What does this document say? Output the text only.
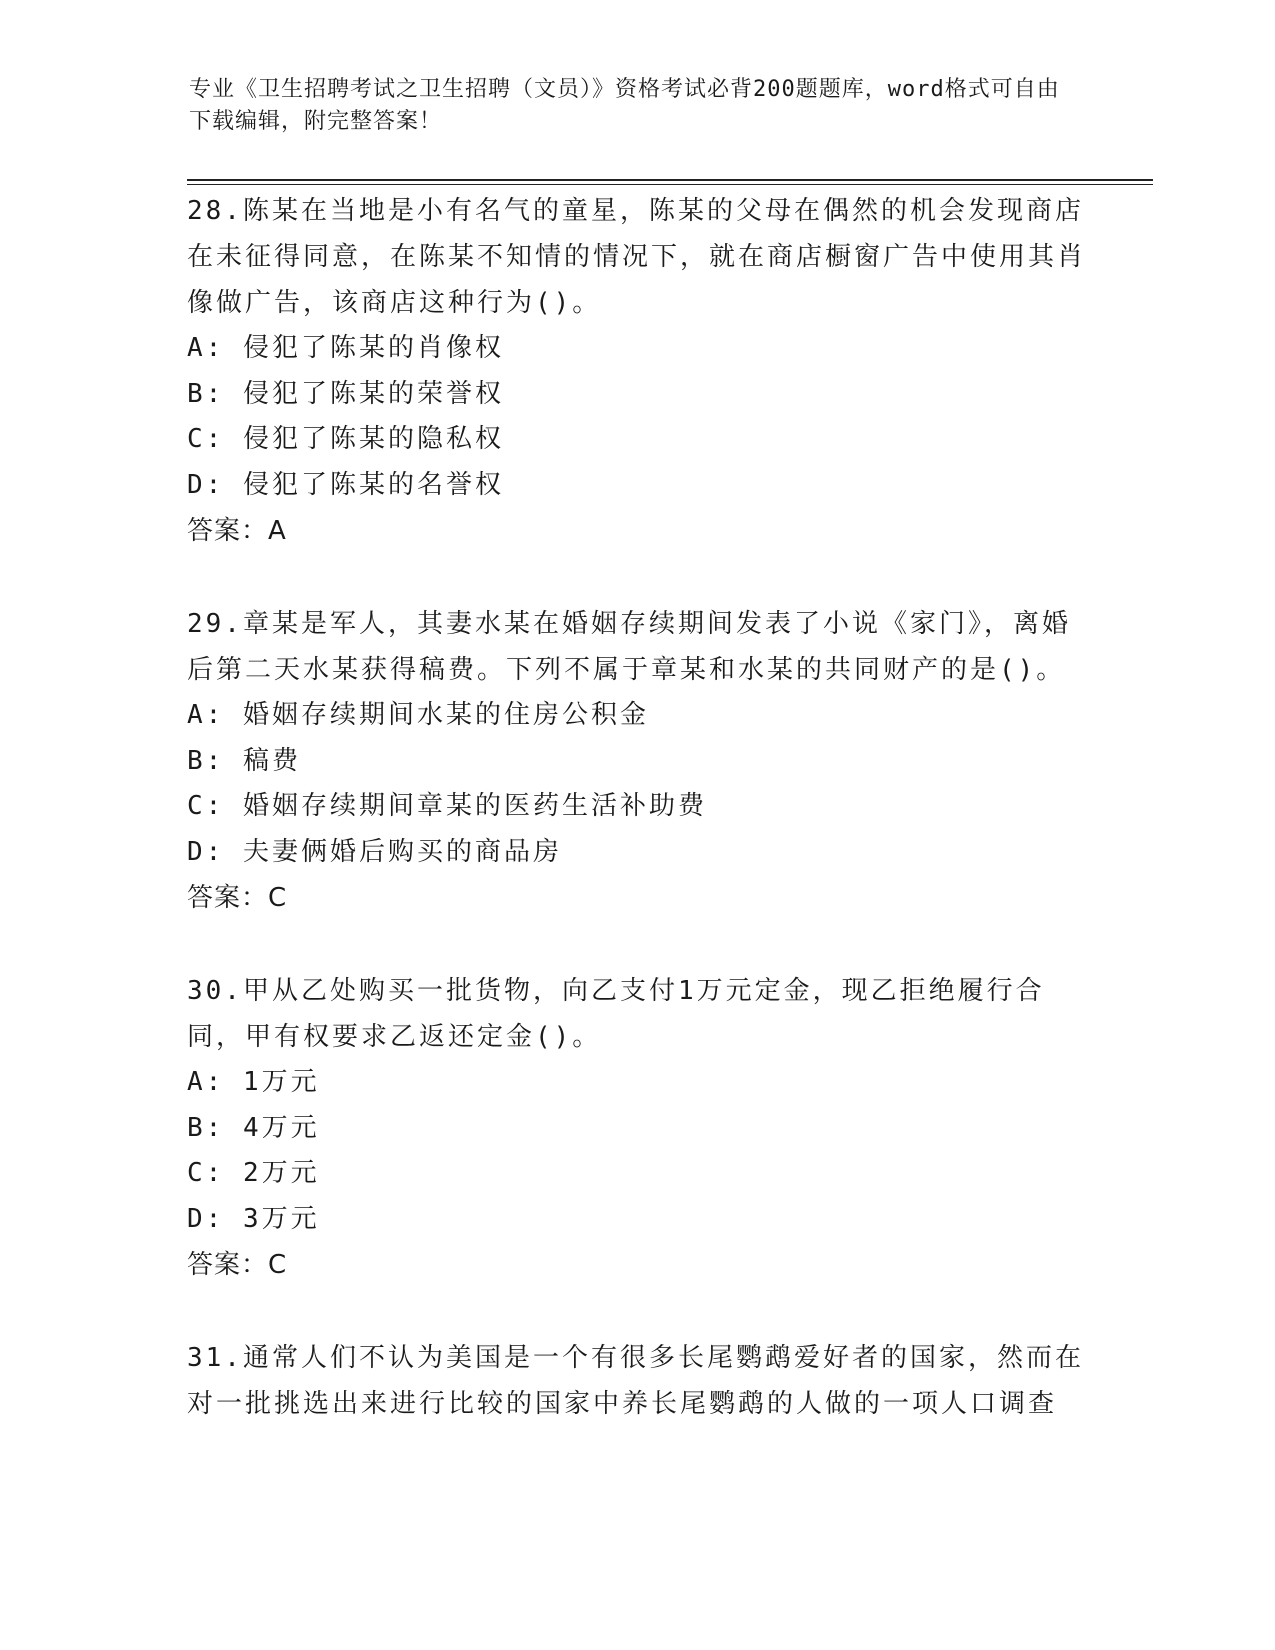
专业《卫生招聘考试之卫生招聘（文员）》资格考试必背200题题库，word格式可自由下载编辑，附完整答案！
28.陈某在当地是小有名气的童星，陈某的父母在偶然的机会发现商店在未征得同意，在陈某不知情的情况下，就在商店橱窗广告中使用其肖像做广告，该商店这种行为()。
A: 侵犯了陈某的肖像权
B: 侵犯了陈某的荣誉权
C: 侵犯了陈某的隐私权
D: 侵犯了陈某的名誉权
答案：A
29.章某是军人，其妻水某在婚姻存续期间发表了小说《家门》，离婚后第二天水某获得稿费。下列不属于章某和水某的共同财产的是()。
A: 婚姻存续期间水某的住房公积金
B: 稿费
C: 婚姻存续期间章某的医药生活补助费
D: 夫妻俩婚后购买的商品房
答案：C
30.甲从乙处购买一批货物，向乙支付1万元定金，现乙拒绝履行合同，甲有权要求乙返还定金()。
A: 1万元
B: 4万元
C: 2万元
D: 3万元
答案：C
31.通常人们不认为美国是一个有很多长尾鹦鹉爱好者的国家，然而在对一批挑选出来进行比较的国家中养长尾鹦鹉的人做的一项人口调查
